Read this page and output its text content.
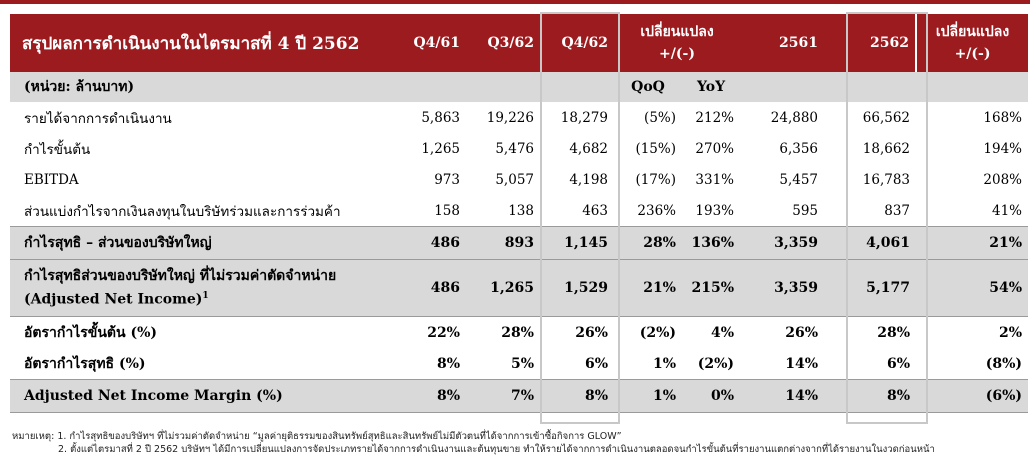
สรุปผลการดำเนินงานในไตรมาสที่ 4 ปี 2562	Q4/61	Q3/62	Q4/62	เปลี่ยนแปลง +/(-)		2561	2562	เปลี่ยนแปลง +/(-)
(หน่วย: ล้านบาท)				QoQ	YoY			
รายได้จากการดำเนินงาน	5,863	19,226	18,279	(5%)	212%	24,880	66,562	168%
กำไรขั้นต้น	1,265	5,476	4,682	(15%)	270%	6,356	18,662	194%
EBITDA	973	5,057	4,198	(17%)	331%	5,457	16,783	208%
ส่วนแบ่งกำไรจากเงินลงทุนในบริษัทร่วมและการร่วมค้า	158	138	463	236%	193%	595	837	41%
กำไรสุทธิ – ส่วนของบริษัทใหญ่	486	893	1,145	28%	136%	3,359	4,061	21%

กำไรสุทธิส่วนของบริษัทใหญ่ ที่ไม่รวมค่าตัดจำหน่าย
(Adjusted Net Income)$^1$	486	1,265	1,529	21%	215%	3,359	5,177	54%
อัตรากำไรขั้นต้น (%)	22%	28%	26%	(2%)	4%	26%	28%	2%
อัตรากำไรสุทธิ (%)	8%	5%	6%	1%	(2%)	14%	6%	(8%)
Adjusted Net Income Margin (%)	8%	7%	8%	1%	0%	14%	8%	(6%)
หมายเหตุ: 1. กำไรสุทธิของบริษัทฯ ที่ไม่รวมค่าตัดจำหน่าย “มูลค่ายุติธรรมของสินทรัพย์สุทธิและสินทรัพย์ไม่มีตัวตนที่ได้จากการเข้าซื้อกิจการ GLOW”
2. ตั้งแต่ไตรมาสที่ 2 ปี 2562 บริษัทฯ ได้มีการเปลี่ยนแปลงการจัดประเภทรายได้จากการดำเนินงานและต้นทุนขาย ทำให้รายได้จากการดำเนินงานตลอดจนกำไรขั้นต้นที่รายงานแตกต่างจากที่ได้รายงานในงวดก่อนหน้า
